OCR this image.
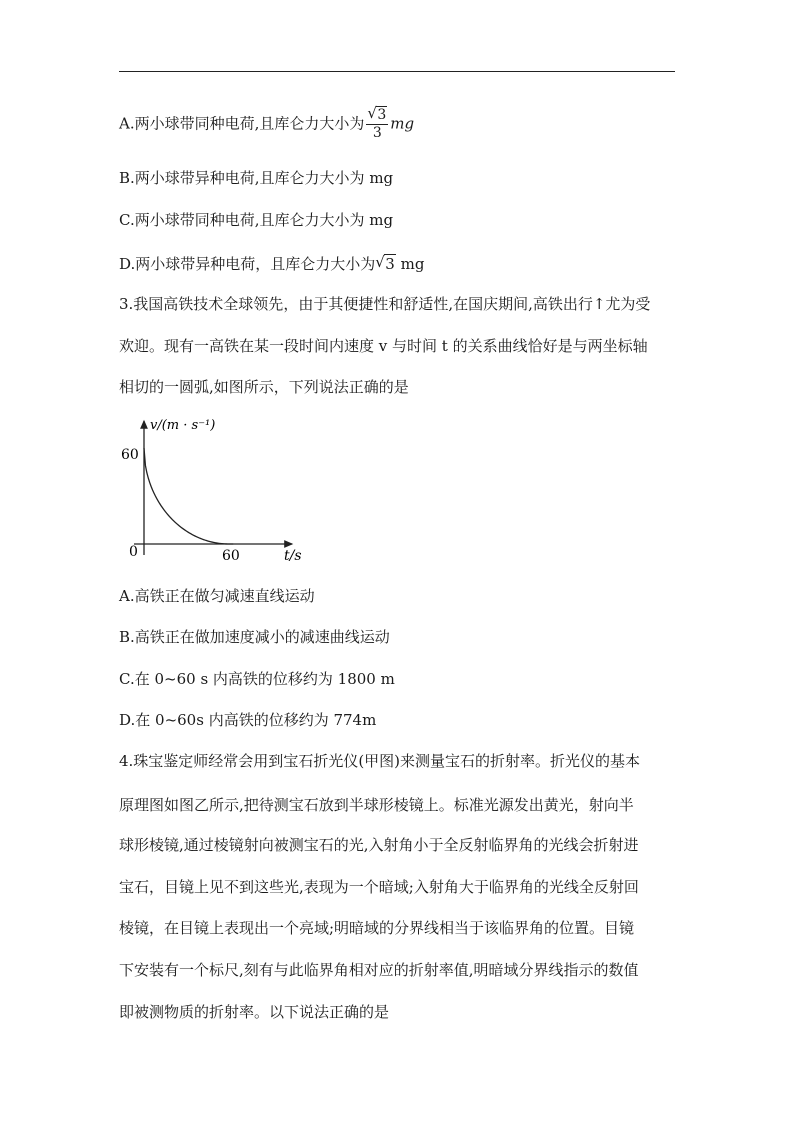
A.两小球带同种电荷,且库仑力大小为 $\frac{√ 3}{3}$ mg
B.两小球带异种电荷,且库仑力大小为 mg
C.两小球带同种电荷,且库仑力大小为 mg
D.两小球带异种电荷，且库仑力大小为 √ 3 mg
3.我国高铁技术全球领先，由于其便捷性和舒适性,在国庆期间,高铁出行↑尤为受
欢迎。现有一高铁在某一段时间内速度 v 与时间 t 的关系曲线恰好是与两坐标轴
相切的一圆弧,如图所示，下列说法正确的是
v/(m · s⁻¹)
60
0	60	t/s
A.高铁正在做匀减速直线运动
B.高铁正在做加速度减小的减速曲线运动
C.在 0~60 s 内高铁的位移约为 1800 m
D.在 0~60s 内高铁的位移约为 774m
4.珠宝鉴定师经常会用到宝石折光仪(甲图)来测量宝石的折射率。折光仪的基本
原理图如图乙所示,把待测宝石放到半球形棱镜上。标准光源发出黄光，射向半
球形棱镜,通过棱镜射向被测宝石的光,入射角小于全反射临界角的光线会折射进
宝石，目镜上见不到这些光,表现为一个暗域;入射角大于临界角的光线全反射回
棱镜，在目镜上表现出一个亮域;明暗域的分界线相当于该临界角的位置。目镜
下安装有一个标尺,刻有与此临界角相对应的折射率值,明暗域分界线指示的数值
即被测物质的折射率。以下说法正确的是
